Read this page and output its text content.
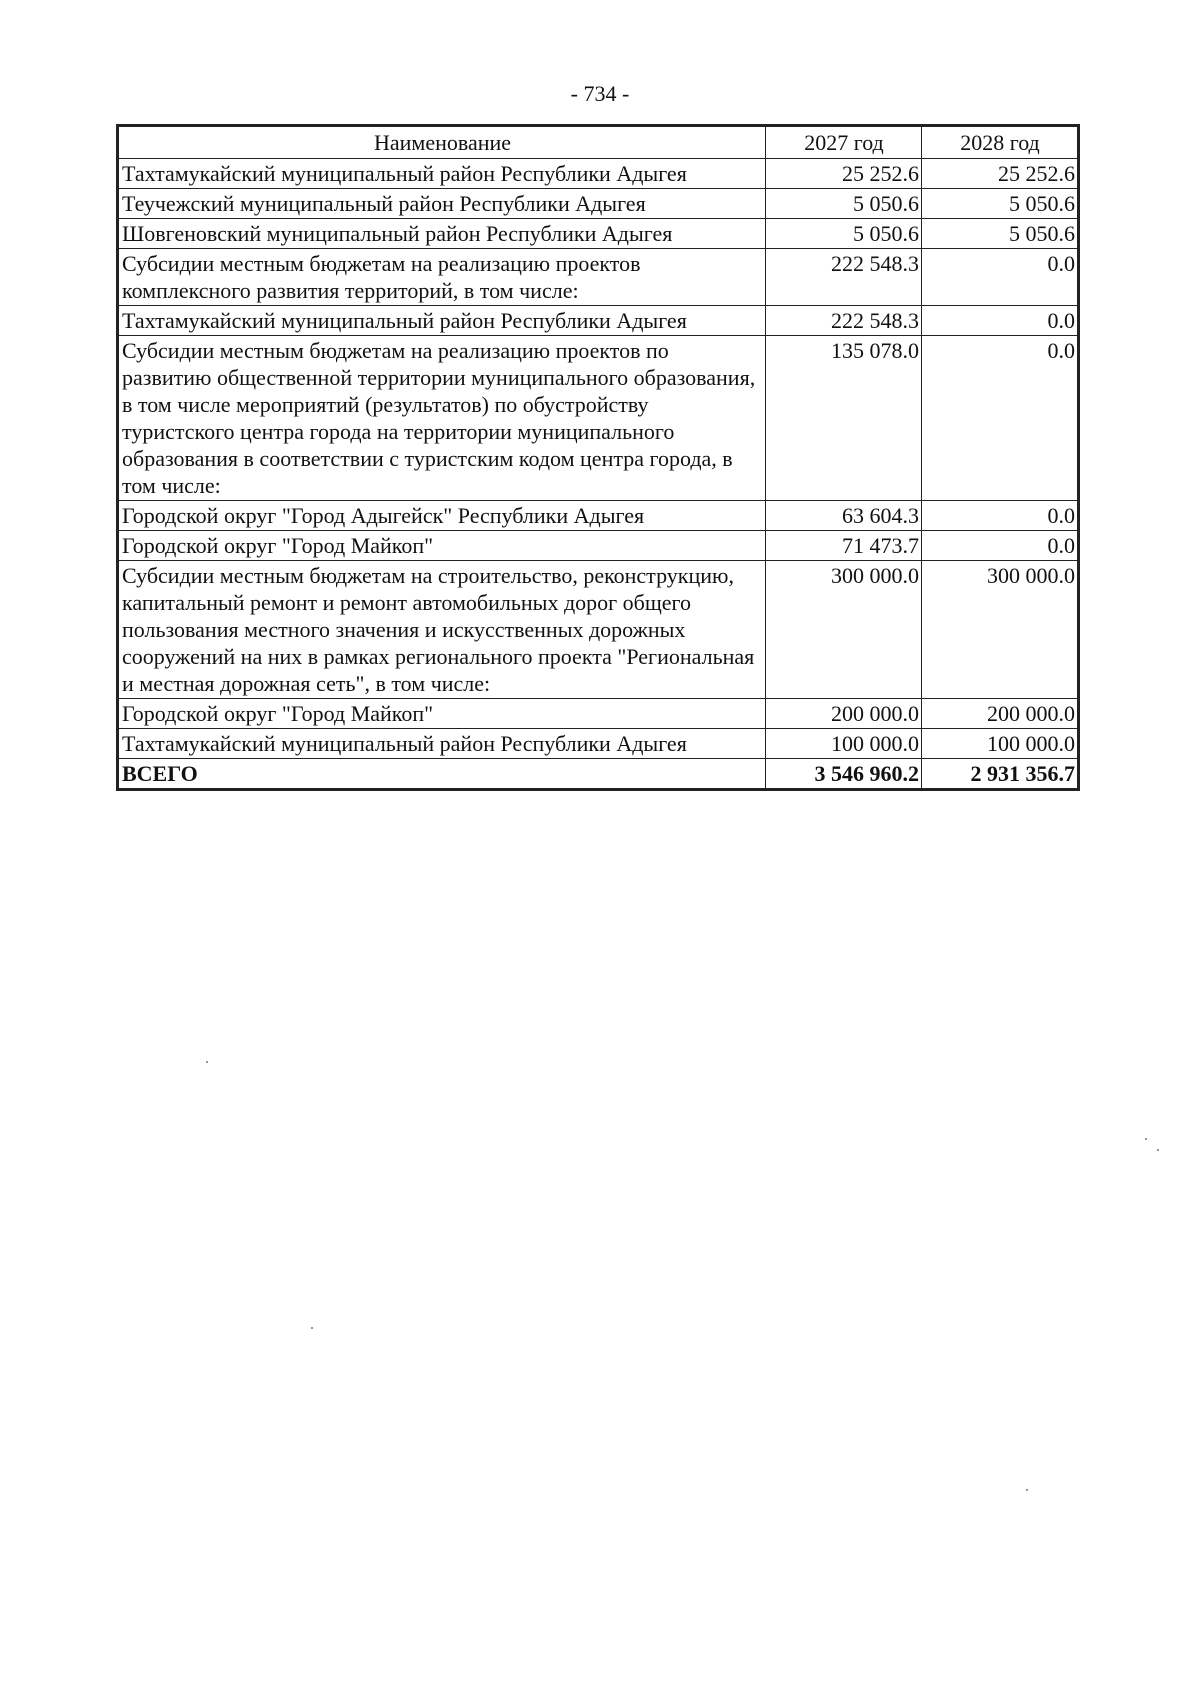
- 734 -
Наименование	2027 год	2028 год
Тахтамукайский муниципальный район Республики Адыгея	25 252.6	25 252.6
Теучежский муниципальный район Республики Адыгея	5 050.6	5 050.6
Шовгеновский муниципальный район Республики Адыгея	5 050.6	5 050.6
Субсидии местным бюджетам на реализацию проектов комплексного развития территорий, в том числе:	222 548.3	0.0
Тахтамукайский муниципальный район Республики Адыгея	222 548.3	0.0
Субсидии местным бюджетам на реализацию проектов по развитию общественной территории муниципального образования, в том числе мероприятий (результатов) по обустройству туристского центра города на территории муниципального образования в соответствии с туристским кодом центра города, в том числе:	135 078.0	0.0
Городской округ "Город Адыгейск" Республики Адыгея	63 604.3	0.0
Городской округ "Город Майкоп"	71 473.7	0.0
Субсидии местным бюджетам на строительство, реконструкцию, капитальный ремонт и ремонт автомобильных дорог общего пользования местного значения и искусственных дорожных сооружений на них в рамках регионального проекта "Региональная и местная дорожная сеть", в том числе:	300 000.0	300 000.0
Городской округ "Город Майкоп"	200 000.0	200 000.0
Тахтамукайский муниципальный район Республики Адыгея	100 000.0	100 000.0
ВСЕГО	3 546 960.2	2 931 356.7
